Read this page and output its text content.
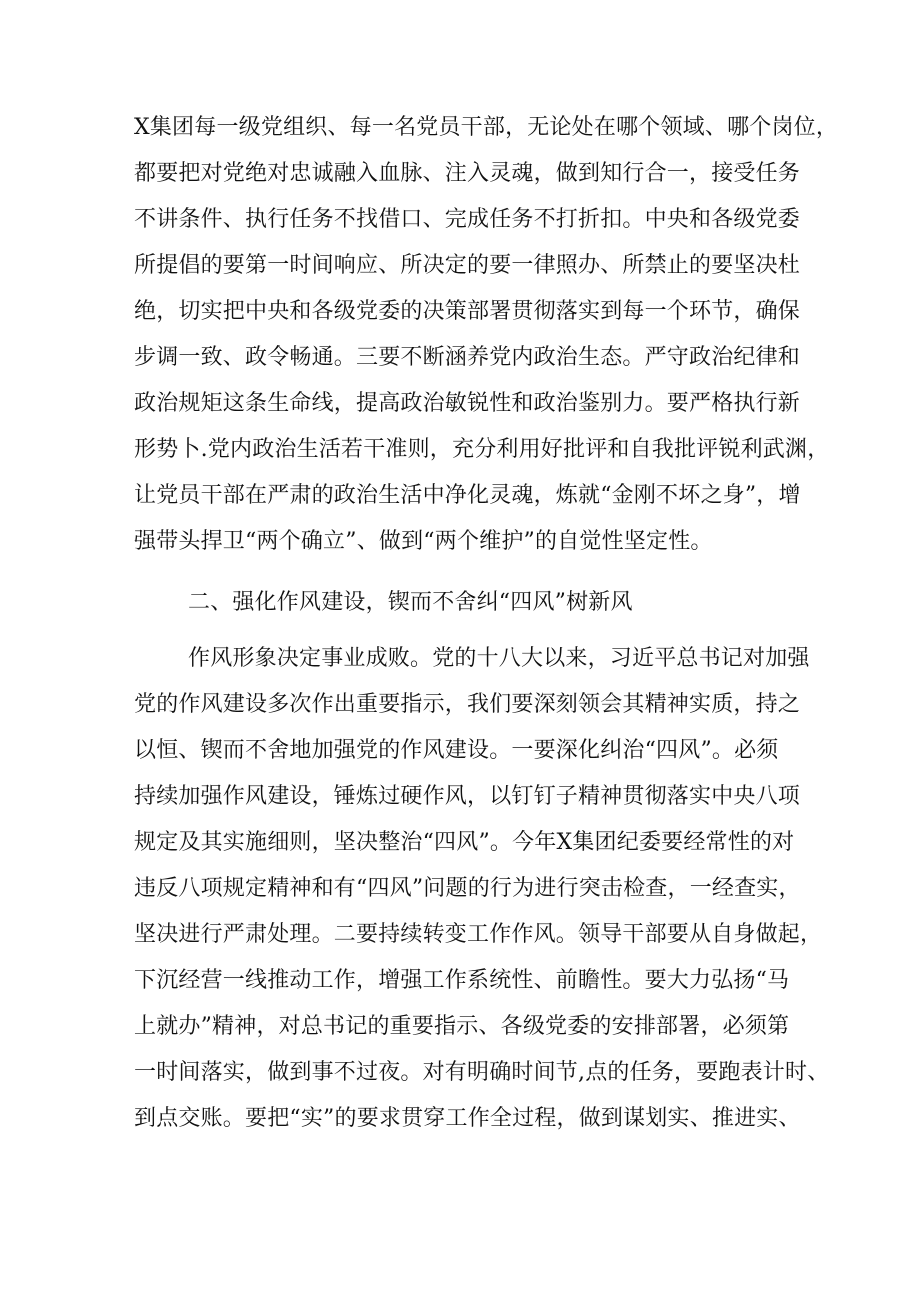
X集团每一级党组织、每一名党员干部，无论处在哪个领域、哪个岗位，
都要把对党绝对忠诚融入血脉、注入灵魂，做到知行合一，接受任务
不讲条件、执行任务不找借口、完成任务不打折扣。中央和各级党委
所提倡的要第一时间响应、所决定的要一律照办、所禁止的要坚决杜
绝，切实把中央和各级党委的决策部署贯彻落实到每一个环节，确保
步调一致、政令畅通。三要不断涵养党内政治生态。严守政治纪律和
政治规矩这条生命线，提高政治敏锐性和政治鉴别力。要严格执行新
形势卜.党内政治生活若干准则，充分利用好批评和自我批评锐利武渊，
让党员干部在严肃的政治生活中净化灵魂，炼就“金刚不坏之身”，增
强带头捍卫“两个确立”、做到“两个维护”的自觉性坚定性。
二、强化作风建设，锲而不舍纠“四风”树新风
作风形象决定事业成败。党的十八大以来，习近平总书记对加强
党的作风建设多次作出重要指示，我们要深刻领会其精神实质，持之
以恒、锲而不舍地加强党的作风建设。一要深化纠治“四风”。必须
持续加强作风建设，锤炼过硬作风，以钉钉子精神贯彻落实中央八项
规定及其实施细则，坚决整治“四风”。今年X集团纪委要经常性的对
违反八项规定精神和有“四风”问题的行为进行突击检查，一经查实，
坚决进行严肃处理。二要持续转变工作作风。领导干部要从自身做起，
下沉经营一线推动工作，增强工作系统性、前瞻性。要大力弘扬“马
上就办”精神，对总书记的重要指示、各级党委的安排部署，必须第
一时间落实，做到事不过夜。对有明确时间节,点的任务，要跑表计时、
到点交账。要把“实”的要求贯穿工作全过程，做到谋划实、推进实、
